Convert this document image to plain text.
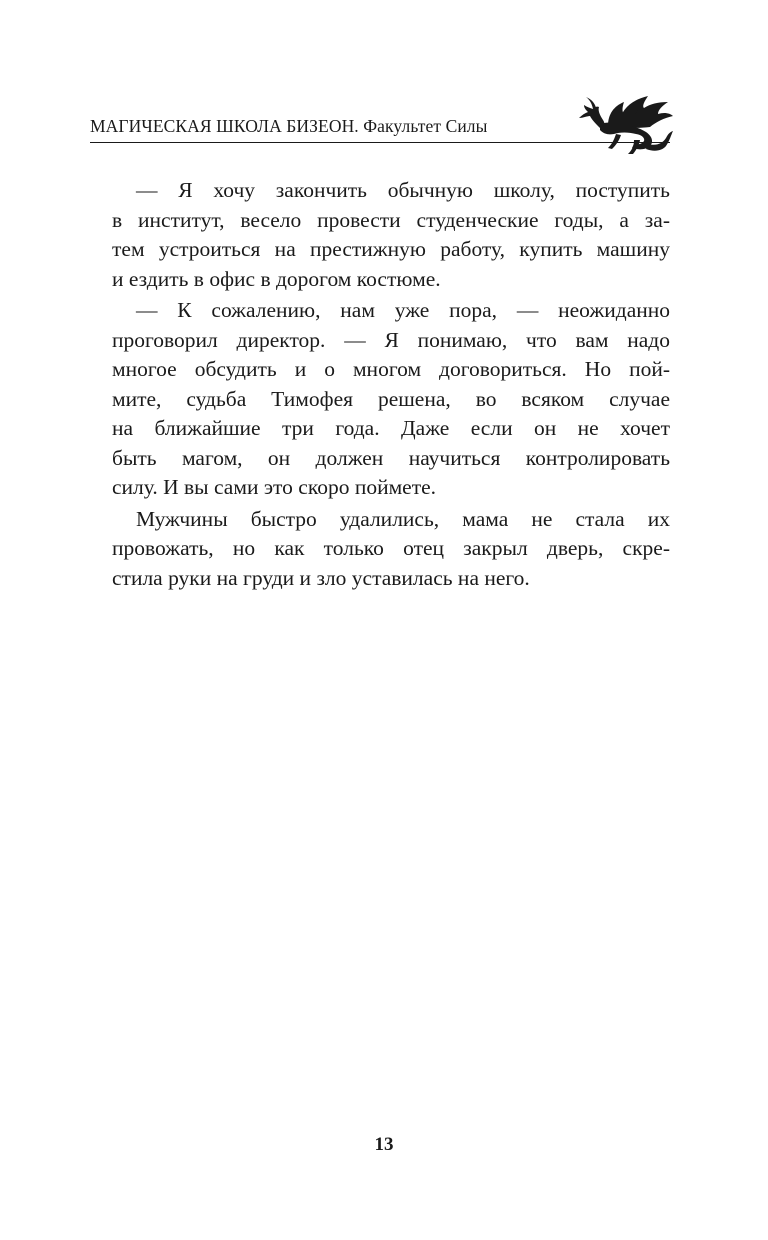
МАГИЧЕСКАЯ ШКОЛА БИЗЕОН. Факультет Силы

— Я хочу закончить обычную школу, поступить
в институт, весело провести студенческие годы, а за-
тем устроиться на престижную работу, купить машину
и ездить в офис в дорогом костюме.

— К сожалению, нам уже пора, — неожиданно
проговорил директор. — Я понимаю, что вам надо
многое обсудить и о многом договориться. Но пой-
мите, судьба Тимофея решена, во всяком случае
на ближайшие три года. Даже если он не хочет
быть магом, он должен научиться контролировать
силу. И вы сами это скоро поймете.

Мужчины быстро удалились, мама не стала их
провожать, но как только отец закрыл дверь, скре-
стила руки на груди и зло уставилась на него.

13
